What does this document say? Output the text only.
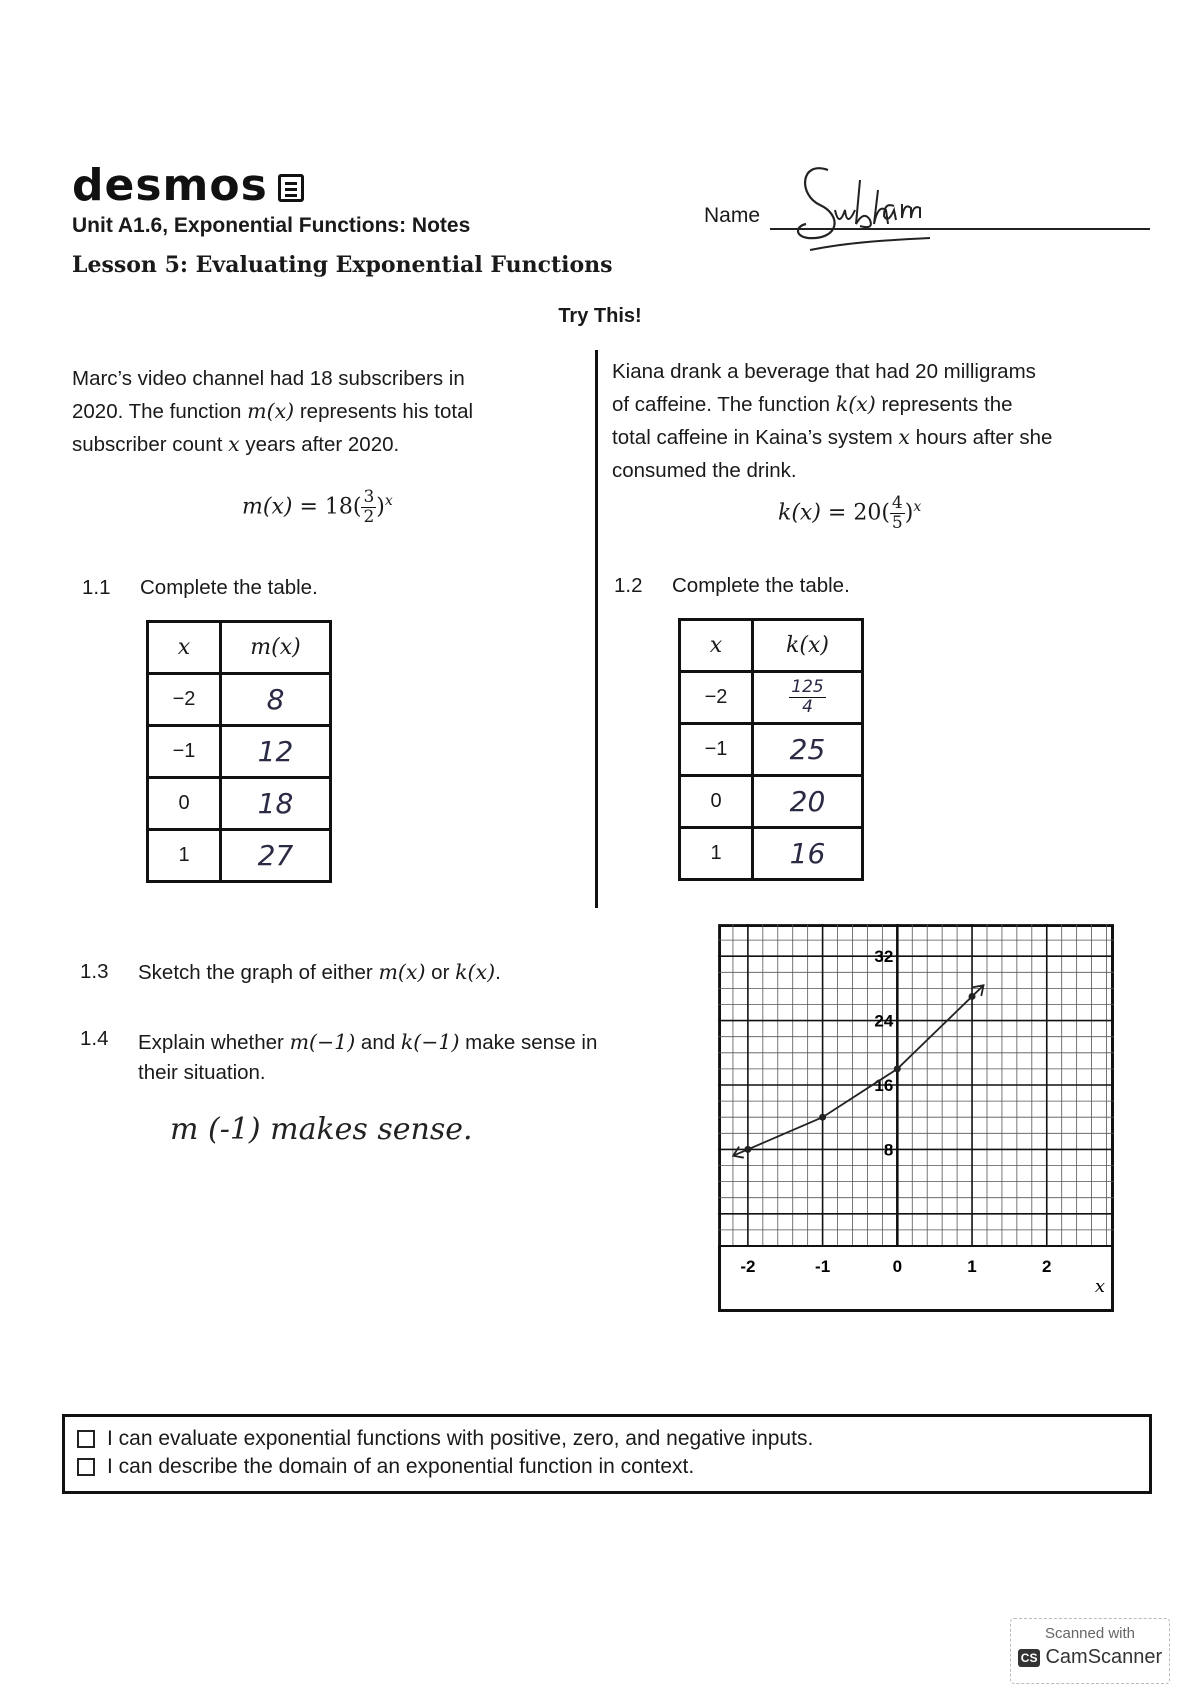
desmos
Unit A1.6, Exponential Functions: Notes
Lesson 5: Evaluating Exponential Functions
Name
Try This!
Marc’s video channel had 18 subscribers in
2020. The function m(x) represents his total
subscriber count x years after 2020.
$m(x) = 18( \frac{3}{2} )^x$
1.1 Complete the table.
x	m(x)
−2	8
−1	12
0	18
1	27
Kiana drank a beverage that had 20 milligrams
of caffeine. The function k(x) represents the
total caffeine in Kaina’s system x hours after she
consumed the drink.
$k(x) = 20( \frac{4}{5} )^x$
1.2 Complete the table.
x	k(x)
−2	$\frac{125}{4}$

−1	25
0	20
1	16
1.3 Sketch the graph of either m(x) or k(x).
1.4 Explain whether m(−1) and k(−1) make sense in
their situation.
m (-1) makes sense.
-2	-1	0	1	2
8
16
24
32
x
I can evaluate exponential functions with positive, zero, and negative inputs.
I can describe the domain of an exponential function in context.
Scanned with
CS CamScanner
